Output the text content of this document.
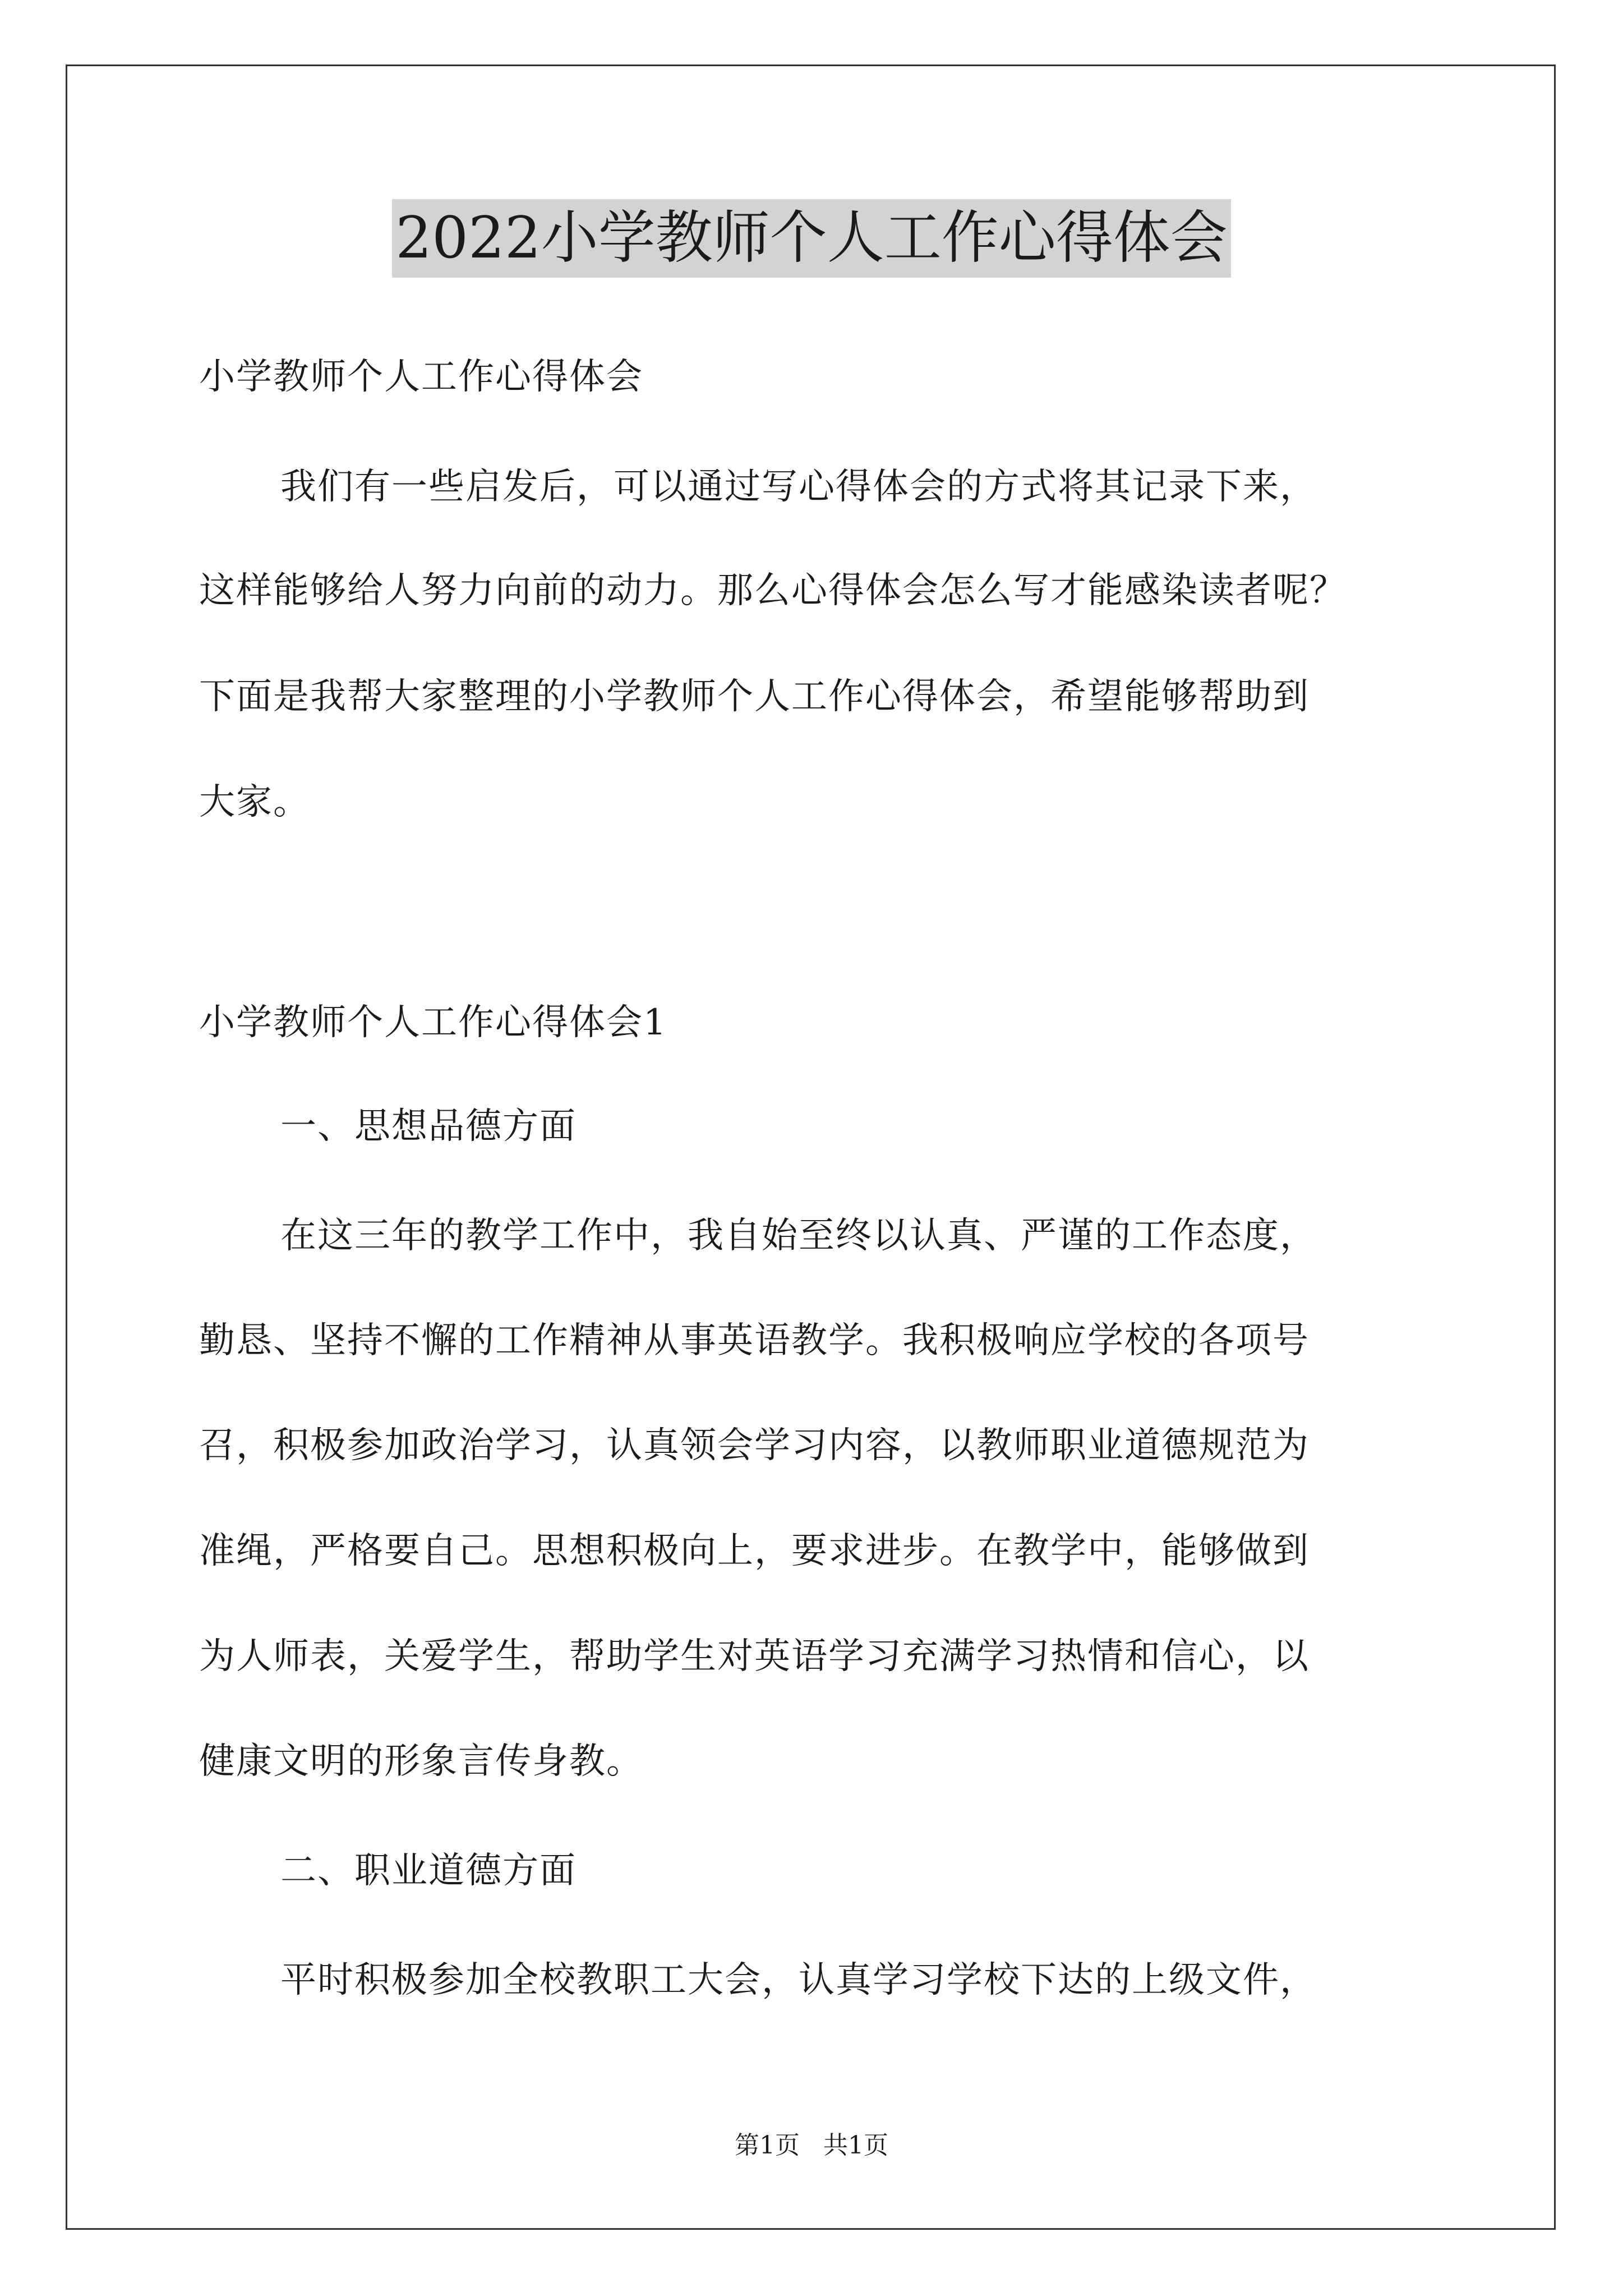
2022小学教师个人工作心得体会
小学教师个人工作心得体会
我们有一些启发后，可以通过写心得体会的方式将其记录下来，
这样能够给人努力向前的动力。那么心得体会怎么写才能感染读者呢？
下面是我帮大家整理的小学教师个人工作心得体会，希望能够帮助到
大家。
小学教师个人工作心得体会1
一、思想品德方面
在这三年的教学工作中，我自始至终以认真、严谨的工作态度，
勤恳、坚持不懈的工作精神从事英语教学。我积极响应学校的各项号
召，积极参加政治学习，认真领会学习内容，以教师职业道德规范为
准绳，严格要自己。思想积极向上，要求进步。在教学中，能够做到
为人师表，关爱学生，帮助学生对英语学习充满学习热情和信心，以
健康文明的形象言传身教。
二、职业道德方面
平时积极参加全校教职工大会，认真学习学校下达的上级文件，
第1页   共1页
